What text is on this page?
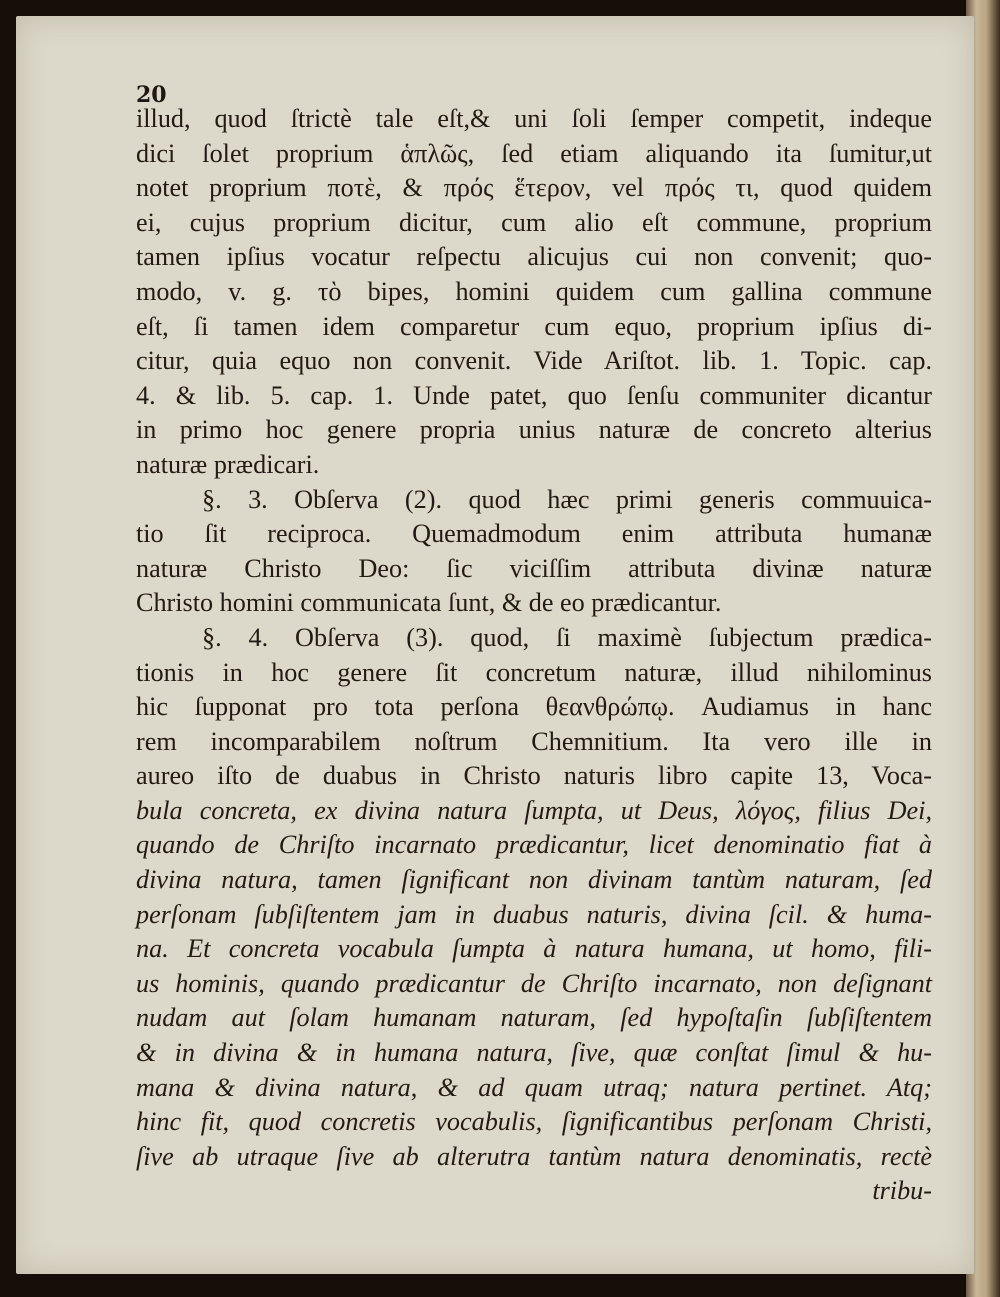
20

illud, quod ſtrictè tale eſt,& uni ſoli ſemper competit, indeque
dici ſolet proprium ἁπλῶς, ſed etiam aliquando ita ſumitur,ut
notet proprium ποτὲ, & πρός ἕτερον, vel πρός τι, quod quidem
ei, cujus proprium dicitur, cum alio eſt commune, proprium
tamen ipſius vocatur reſpectu alicujus cui non convenit; quo-
modo, v. g. τὸ bipes, homini quidem cum gallina commune
eſt, ſi tamen idem comparetur cum equo, proprium ipſius di-
citur, quia equo non convenit. Vide Ariſtot. lib. 1. Topic. cap.
4. & lib. 5. cap. 1. Unde patet, quo ſenſu communiter dicantur
in primo hoc genere propria unius naturæ de concreto alterius
naturæ prædicari.
§. 3. Obſerva (2). quod hæc primi generis commuuica-
tio ſit reciproca. Quemadmodum enim attributa humanæ
naturæ Christo Deo: ſic viciſſim attributa divinæ naturæ
Christo homini communicata ſunt, & de eo prædicantur.
§. 4. Obſerva (3). quod, ſi maximè ſubjectum prædica-
tionis in hoc genere ſit concretum naturæ, illud nihilominus
hic ſupponat pro tota perſona θεανθρώπῳ. Audiamus in hanc
rem incomparabilem noſtrum Chemnitium. Ita vero ille in
aureo iſto de duabus in Christo naturis libro capite 13, Voca-
bula concreta, ex divina natura ſumpta, ut Deus, λόγος, filius Dei,
quando de Chriſto incarnato prædicantur, licet denominatio fiat à
divina natura, tamen ſignificant non divinam tantùm naturam, ſed
perſonam ſubſiſtentem jam in duabus naturis, divina ſcil. & huma-
na. Et concreta vocabula ſumpta à natura humana, ut homo, fili-
us hominis, quando prædicantur de Chriſto incarnato, non deſignant
nudam aut ſolam humanam naturam, ſed hypoſtaſin ſubſiſtentem
& in divina & in humana natura, ſive, quæ conſtat ſimul & hu-
mana & divina natura, & ad quam utraq; natura pertinet. Atq;
hinc fit, quod concretis vocabulis, ſignificantibus perſonam Christi,
ſive ab utraque ſive ab alterutra tantùm natura denominatis, rectè
tribu-
